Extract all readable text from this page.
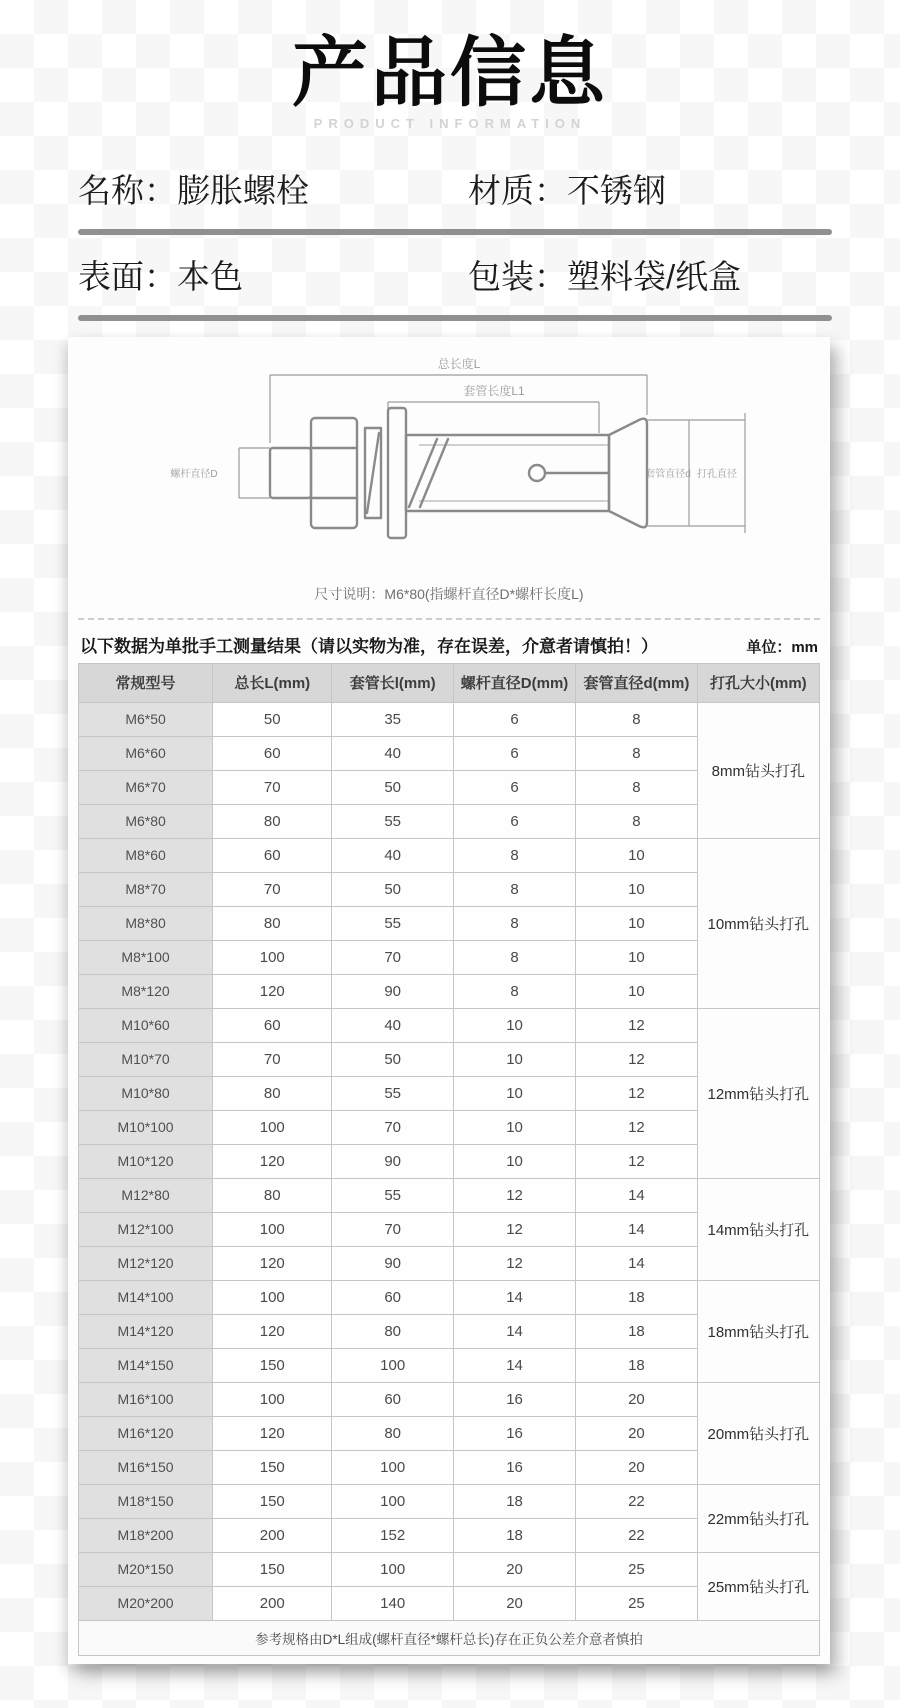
产品信息
PRODUCT INFORMATION
名称：膨胀螺栓	材质：不锈钢
表面：本色	包装：塑料袋/纸盒
总长度L
套管长度L1
螺杆直径D	套管直径d 打孔直径
尺寸说明：M6*80(指螺杆直径D*螺杆长度L)
以下数据为单批手工测量结果（请以实物为准，存在误差，介意者请慎拍！）	单位：mm
常规型号	总长L(mm)	套管长l(mm)	螺杆直径D(mm)	套管直径d(mm)	打孔大小(mm)
M6*50	50	35	6	8	8mm钻头打孔
M6*60	60	40	6	8	
M6*70	70	50	6	8	
M6*80	80	55	6	8	
M8*60	60	40	8	10	10mm钻头打孔
M8*70	70	50	8	10	
M8*80	80	55	8	10	
M8*100	100	70	8	10	
M8*120	120	90	8	10	
M10*60	60	40	10	12	12mm钻头打孔
M10*70	70	50	10	12	
M10*80	80	55	10	12	
M10*100	100	70	10	12	
M10*120	120	90	10	12	
M12*80	80	55	12	14	14mm钻头打孔
M12*100	100	70	12	14	
M12*120	120	90	12	14	
M14*100	100	60	14	18	18mm钻头打孔
M14*120	120	80	14	18	
M14*150	150	100	14	18	
M16*100	100	60	16	20	20mm钻头打孔
M16*120	120	80	16	20	
M16*150	150	100	16	20	
M18*150	150	100	18	22	22mm钻头打孔
M18*200	200	152	18	22	
M20*150	150	100	20	25	25mm钻头打孔
M20*200	200	140	20	25	
参考规格由D*L组成(螺杆直径*螺杆总长)存在正负公差介意者慎拍					
